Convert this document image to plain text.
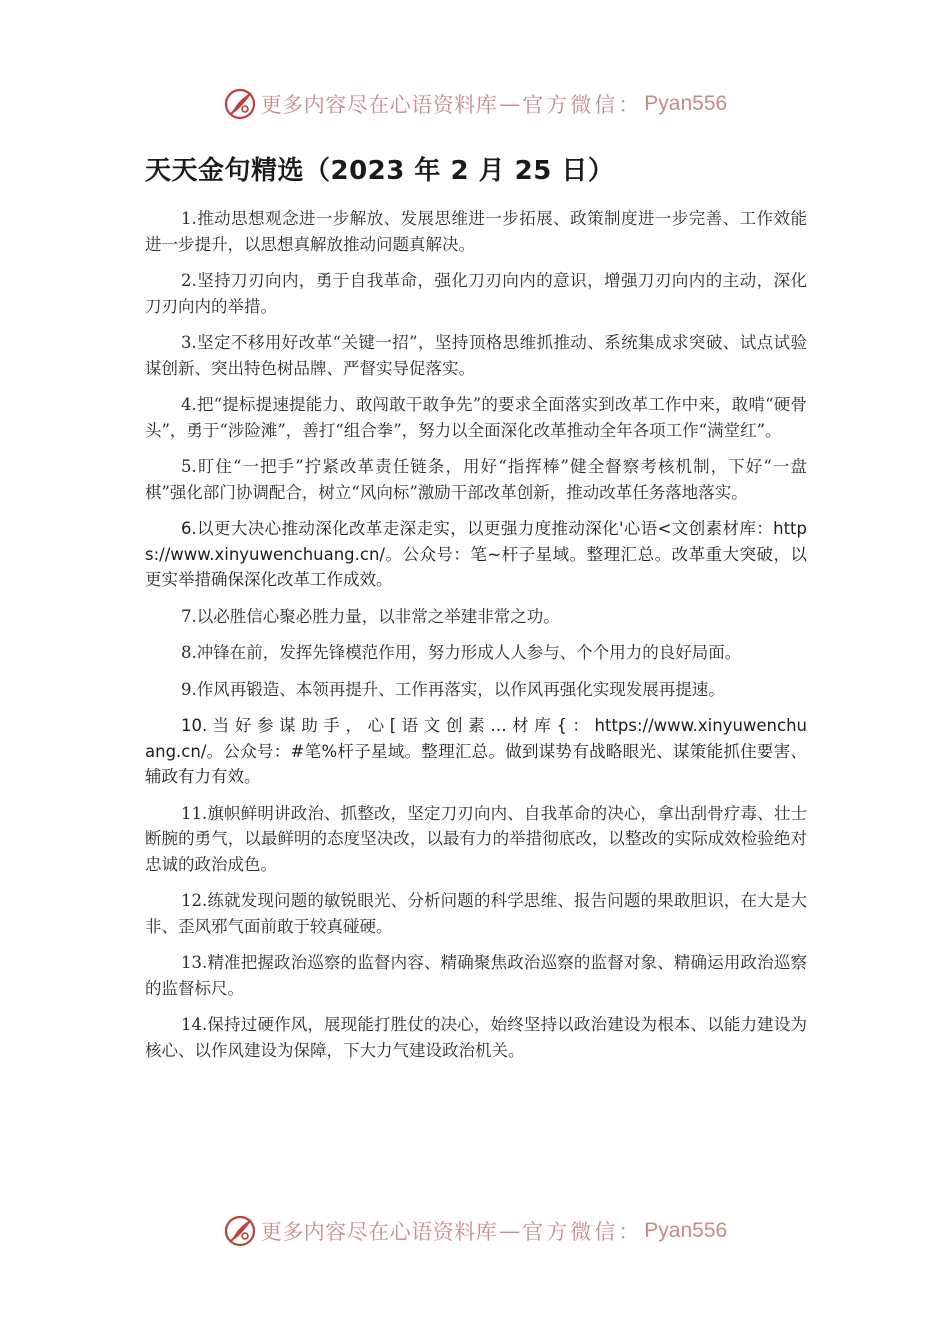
更多内容尽在心语资料库 — 官方微信： Pyan556
天天金句精选（2023 年 2 月 25 日）

1.推动思想观念进一步解放、发展思维进一步拓展、政策制度进一步完善、工作效能进一步提升，以思想真解放推动问题真解决。

2.坚持刀刃向内，勇于自我革命，强化刀刃向内的意识，增强刀刃向内的主动，深化刀刃向内的举措。

3.坚定不移用好改革“关键一招”，坚持顶格思维抓推动、系统集成求突破、试点试验谋创新、突出特色树品牌、严督实导促落实。

4.把“提标提速提能力、敢闯敢干敢争先”的要求全面落实到改革工作中来，敢啃“硬骨头”，勇于“涉险滩”，善打“组合拳”，努力以全面深化改革推动全年各项工作“满堂红”。

5.盯住“一把手”拧紧改革责任链条，用好“指挥棒”健全督察考核机制，下好“一盘棋”强化部门协调配合，树立“风向标”激励干部改革创新，推动改革任务落地落实。

6.以更大决心推动深化改革走深走实，以更强力度推动深化'心语<文创素材库：https://www.xinyuwenchuang.cn/。公众号：笔~杆子星域。整理汇总。改革重大突破，以更实举措确保深化改革工作成效。

7.以必胜信心聚必胜力量，以非常之举建非常之功。

8.冲锋在前，发挥先锋模范作用，努力形成人人参与、个个用力的良好局面。

9.作风再锻造、本领再提升、工作再落实，以作风再强化实现发展再提速。

10. 当 好 参 谋 助 手 ， 心 [ 语 文 创 素 … 材 库 { ： https://www.xinyuwenchuang.cn/。公众号：#笔%杆子星域。整理汇总。做到谋势有战略眼光、谋策能抓住要害、辅政有力有效。

11.旗帜鲜明讲政治、抓整改，坚定刀刃向内、自我革命的决心，拿出刮骨疗毒、壮士断腕的勇气，以最鲜明的态度坚决改，以最有力的举措彻底改，以整改的实际成效检验绝对忠诚的政治成色。

12.练就发现问题的敏锐眼光、分析问题的科学思维、报告问题的果敢胆识，在大是大非、歪风邪气面前敢于较真碰硬。

13.精准把握政治巡察的监督内容、精确聚焦政治巡察的监督对象、精确运用政治巡察的监督标尺。

14.保持过硬作风，展现能打胜仗的决心，始终坚持以政治建设为根本、以能力建设为核心、以作风建设为保障，下大力气建设政治机关。

更多内容尽在心语资料库 — 官方微信： Pyan556
